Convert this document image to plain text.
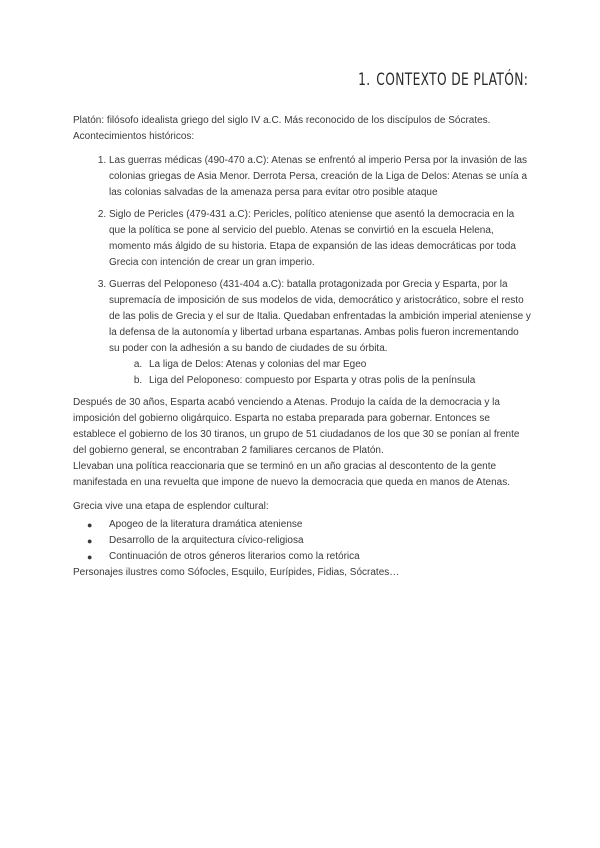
1. CONTEXTO DE PLATÓN:

Platón: filósofo idealista griego del siglo IV a.C. Más reconocido de los discípulos de Sócrates.

Acontecimientos históricos:

1. Las guerras médicas (490-470 a.C): Atenas se enfrentó al imperio Persa por la invasión de las colonias griegas de Asia Menor. Derrota Persa, creación de la Liga de Delos: Atenas se unía a las colonias salvadas de la amenaza persa para evitar otro posible ataque
2. Siglo de Pericles (479-431 a.C): Pericles, político ateniense que asentó la democracia en la que la política se pone al servicio del pueblo. Atenas se convirtió en la escuela Helena, momento más álgido de su historia. Etapa de expansión de las ideas democráticas por toda Grecia con intención de crear un gran imperio.
3. Guerras del Peloponeso (431-404 a.C): batalla protagonizada por Grecia y Esparta, por la supremacía de imposición de sus modelos de vida, democrático y aristocrático, sobre el resto de las polis de Grecia y el sur de Italia. Quedaban enfrentadas la ambición imperial ateniense y la defensa de la autonomía y libertad urbana espartanas. Ambas polis fueron incrementando su poder con la adhesión a su bando de ciudades de su órbita.
a. La liga de Delos: Atenas y colonias del mar Egeo
b. Liga del Peloponeso: compuesto por Esparta y otras polis de la península

Después de 30 años, Esparta acabó venciendo a Atenas. Produjo la caída de la democracia y la imposición del gobierno oligárquico. Esparta no estaba preparada para gobernar. Entonces se establece el gobierno de los 30 tiranos, un grupo de 51 ciudadanos de los que 30 se ponían al frente del gobierno general, se encontraban 2 familiares cercanos de Platón.

Llevaban una política reaccionaria que se terminó en un año gracias al descontento de la gente manifestada en una revuelta que impone de nuevo la democracia que queda en manos de Atenas.

Grecia vive una etapa de esplendor cultural:

● Apogeo de la literatura dramática ateniense
● Desarrollo de la arquitectura cívico-religiosa
● Continuación de otros géneros literarios como la retórica

Personajes ilustres como Sófocles, Esquilo, Eurípides, Fidias, Sócrates…
